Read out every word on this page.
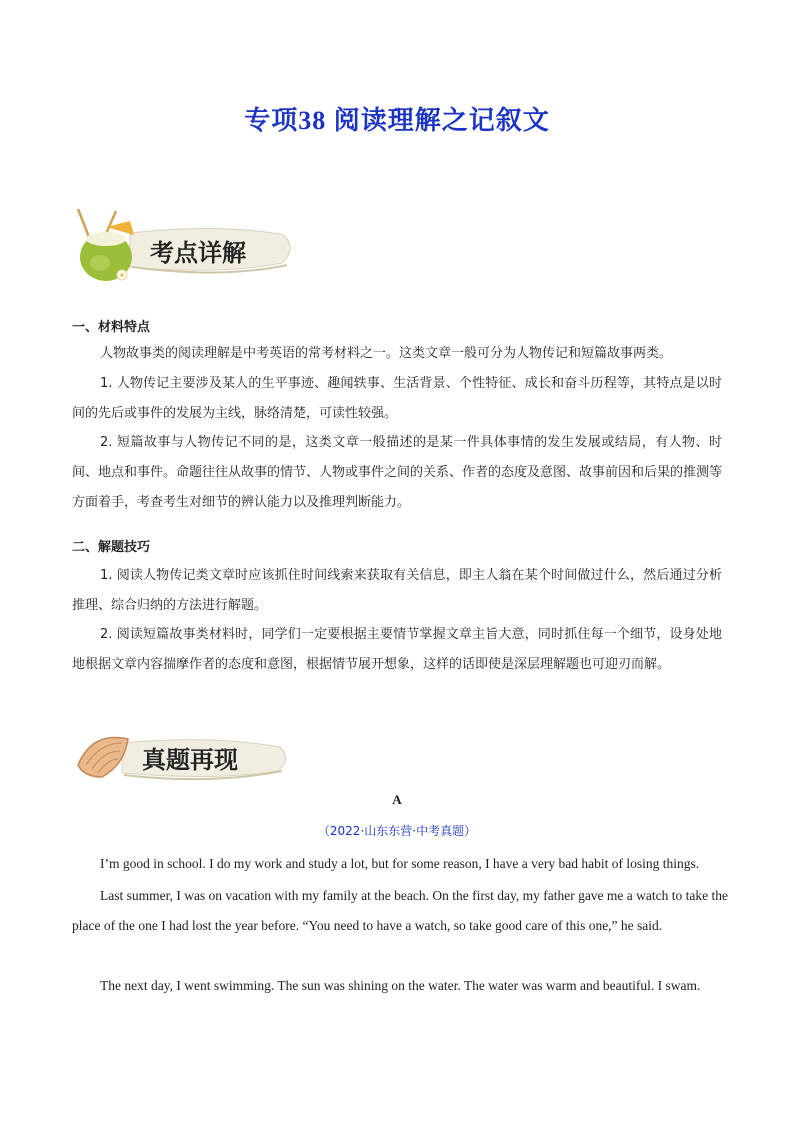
专项38 阅读理解之记叙文
考点详解
一、材料特点
人物故事类的阅读理解是中考英语的常考材料之一。这类文章一般可分为人物传记和短篇故事两类。
1. 人物传记主要涉及某人的生平事迹、趣闻轶事、生活背景、个性特征、成长和奋斗历程等，其特点是以时间的先后或事件的发展为主线，脉络清楚，可读性较强。
2. 短篇故事与人物传记不同的是，这类文章一般描述的是某一件具体事情的发生发展或结局，有人物、时间、地点和事件。命题往往从故事的情节、人物或事件之间的关系、作者的态度及意图、故事前因和后果的推测等方面着手，考查考生对细节的辨认能力以及推理判断能力。
二、解题技巧
1. 阅读人物传记类文章时应该抓住时间线索来获取有关信息，即主人翁在某个时间做过什么，然后通过分析推理、综合归纳的方法进行解题。
2. 阅读短篇故事类材料时，同学们一定要根据主要情节掌握文章主旨大意，同时抓住每一个细节，设身处地地根据文章内容揣摩作者的态度和意图，根据情节展开想象，这样的话即使是深层理解题也可迎刃而解。
真题再现
A
（2022·山东东营·中考真题）
I’m good in school. I do my work and study a lot, but for some reason, I have a very bad habit of losing things.
Last summer, I was on vacation with my family at the beach. On the first day, my father gave me a watch to take the place of the one I had lost the year before. “You need to have a watch, so take good care of this one,” he said.
The next day, I went swimming. The sun was shining on the water. The water was warm and beautiful. I swam.
